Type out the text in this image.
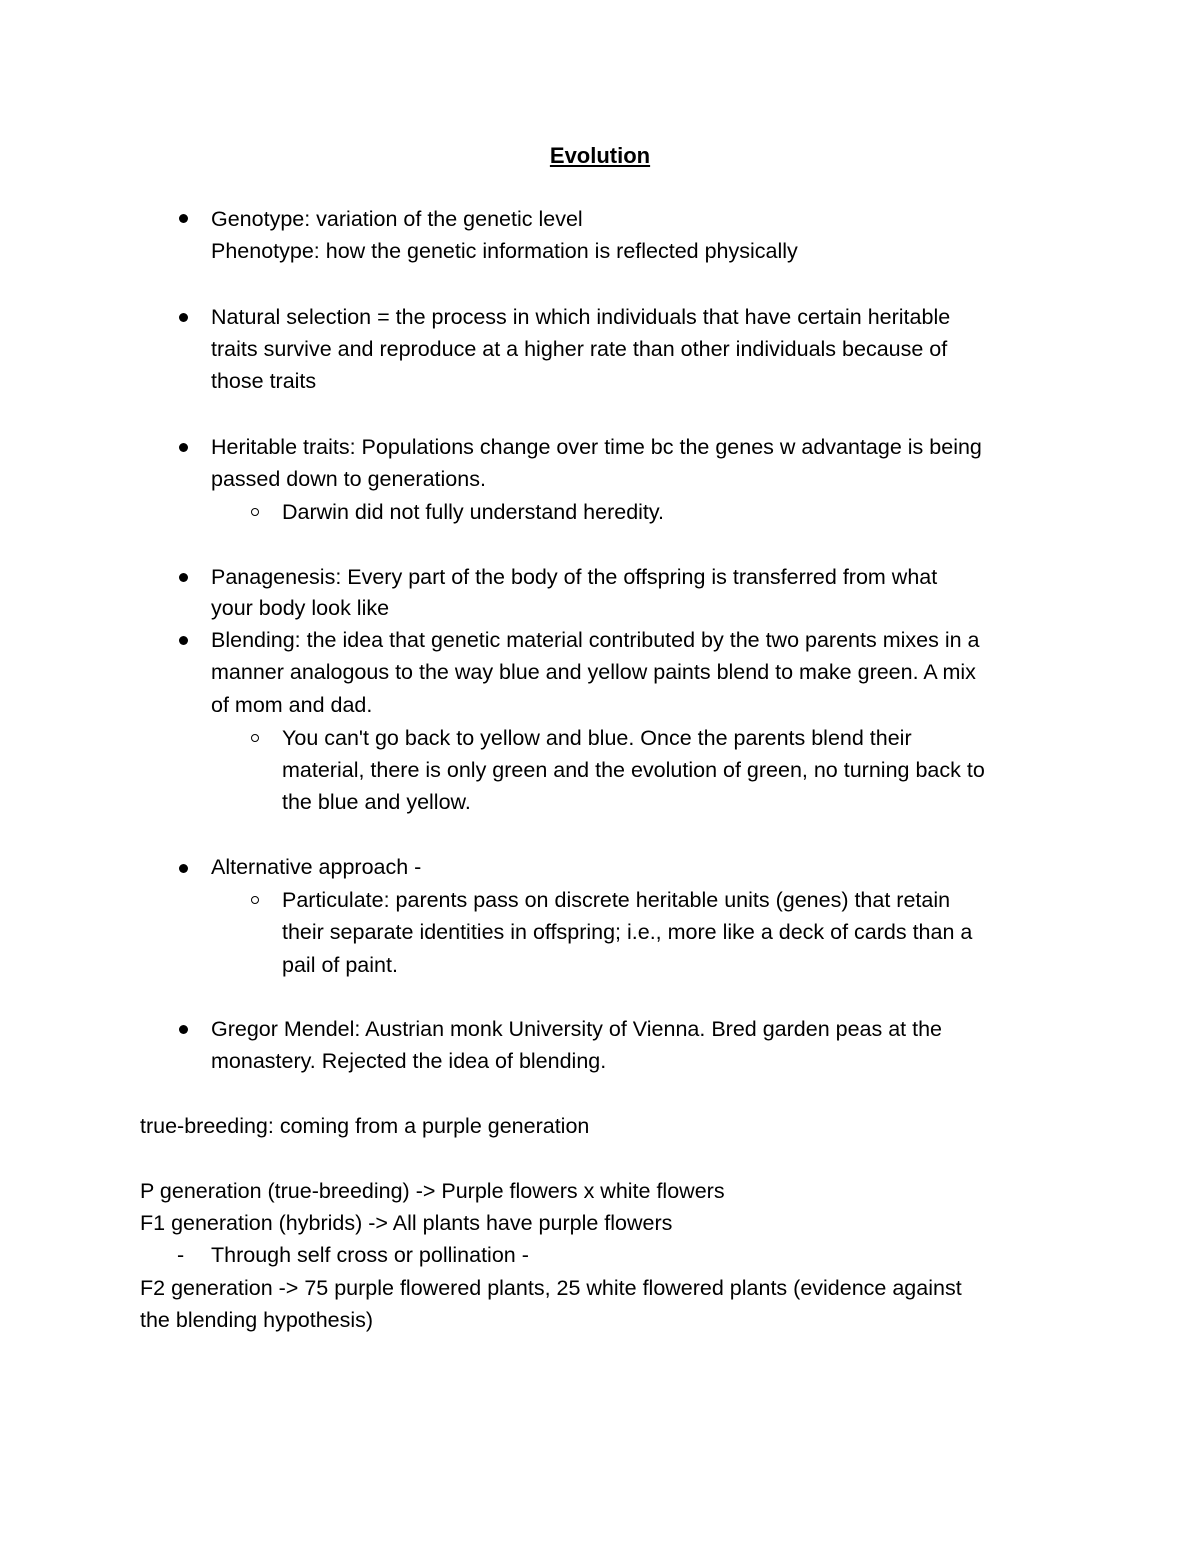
Evolution
Genotype: variation of the genetic level
Phenotype: how the genetic information is reflected physically
Natural selection = the process in which individuals that have certain heritable
traits survive and reproduce at a higher rate than other individuals because of
those traits
Heritable traits: Populations change over time bc the genes w advantage is being
passed down to generations.
Darwin did not fully understand heredity.
Panagenesis: Every part of the body of the offspring is transferred from what
your body look like
Blending: the idea that genetic material contributed by the two parents mixes in a
manner analogous to the way blue and yellow paints blend to make green. A mix
of mom and dad.
You can't go back to yellow and blue. Once the parents blend their
material, there is only green and the evolution of green, no turning back to
the blue and yellow.
Alternative approach -
Particulate: parents pass on discrete heritable units (genes) that retain
their separate identities in offspring; i.e., more like a deck of cards than a
pail of paint.
Gregor Mendel: Austrian monk University of Vienna. Bred garden peas at the
monastery. Rejected the idea of blending.
true-breeding: coming from a purple generation
P generation (true-breeding) -> Purple flowers x white flowers
F1 generation (hybrids) -> All plants have purple flowers
- Through self cross or pollination -
F2 generation -> 75 purple flowered plants, 25 white flowered plants (evidence against
the blending hypothesis)
